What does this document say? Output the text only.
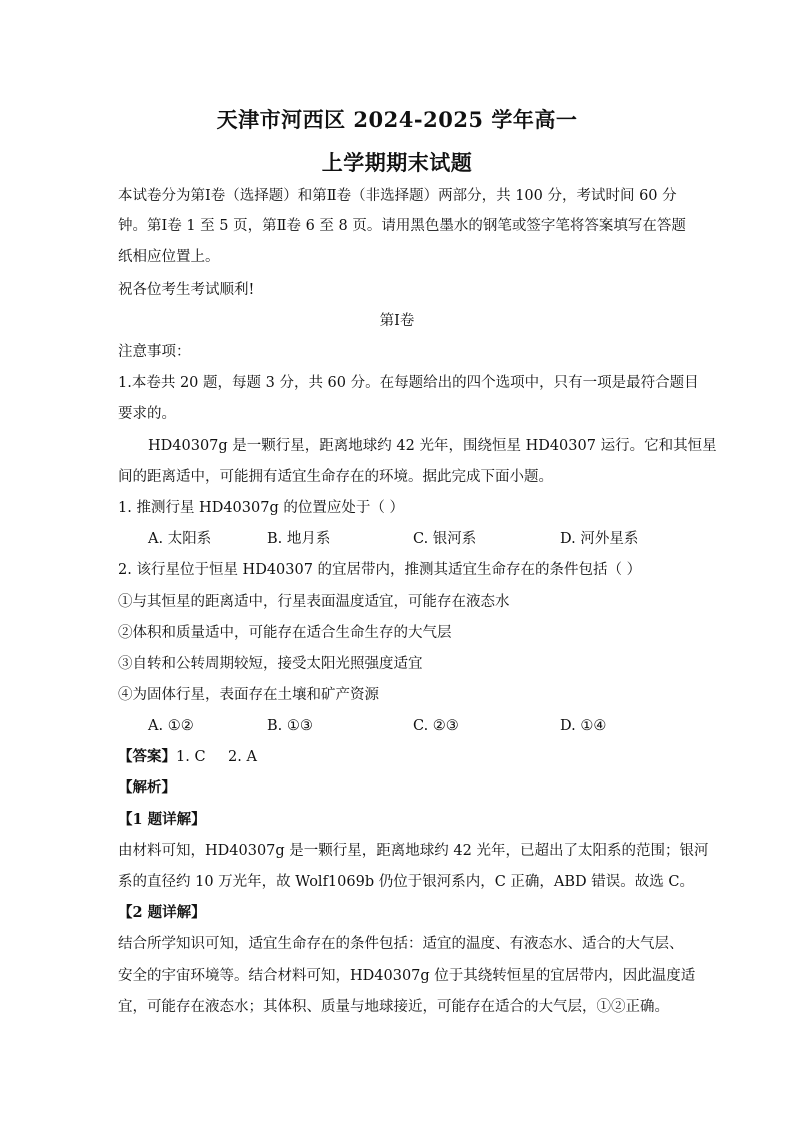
天津市河西区 2024-2025 学年高一
上学期期末试题
本试卷分为第Ⅰ卷（选择题）和第Ⅱ卷（非选择题）两部分，共 100 分，考试时间 60 分
钟。第Ⅰ卷 1 至 5 页，第Ⅱ卷 6 至 8 页。请用黑色墨水的钢笔或签字笔将答案填写在答题
纸相应位置上。
祝各位考生考试顺利!
第Ⅰ卷
注意事项：
1.本卷共 20 题，每题 3 分，共 60 分。在每题给出的四个选项中，只有一项是最符合题目
要求的。
HD40307g 是一颗行星，距离地球约 42 光年，围绕恒星 HD40307 运行。它和其恒星
间的距离适中，可能拥有适宜生命存在的环境。据此完成下面小题。
1. 推测行星 HD40307g 的位置应处于（ ）
A. 太阳系	B. 地月系	C. 银河系	D. 河外星系
2. 该行星位于恒星 HD40307 的宜居带内，推测其适宜生命存在的条件包括（ ）
①与其恒星的距离适中，行星表面温度适宜，可能存在液态水
②体积和质量适中，可能存在适合生命生存的大气层
③自转和公转周期较短，接受太阳光照强度适宜
④为固体行星，表面存在土壤和矿产资源
A. ①②	B. ①③	C. ②③	D. ①④
【答案】 1. C 2. A
【解析】
【1 题详解】
由材料可知，HD40307g 是一颗行星，距离地球约 42 光年，已超出了太阳系的范围；银河
系的直径约 10 万光年，故 Wolf1069b 仍位于银河系内，C 正确，ABD 错误。故选 C。
【2 题详解】
结合所学知识可知，适宜生命存在的条件包括：适宜的温度、有液态水、适合的大气层、
安全的宇宙环境等。结合材料可知，HD40307g 位于其绕转恒星的宜居带内，因此温度适
宜，可能存在液态水；其体积、质量与地球接近，可能存在适合的大气层，①②正确。
